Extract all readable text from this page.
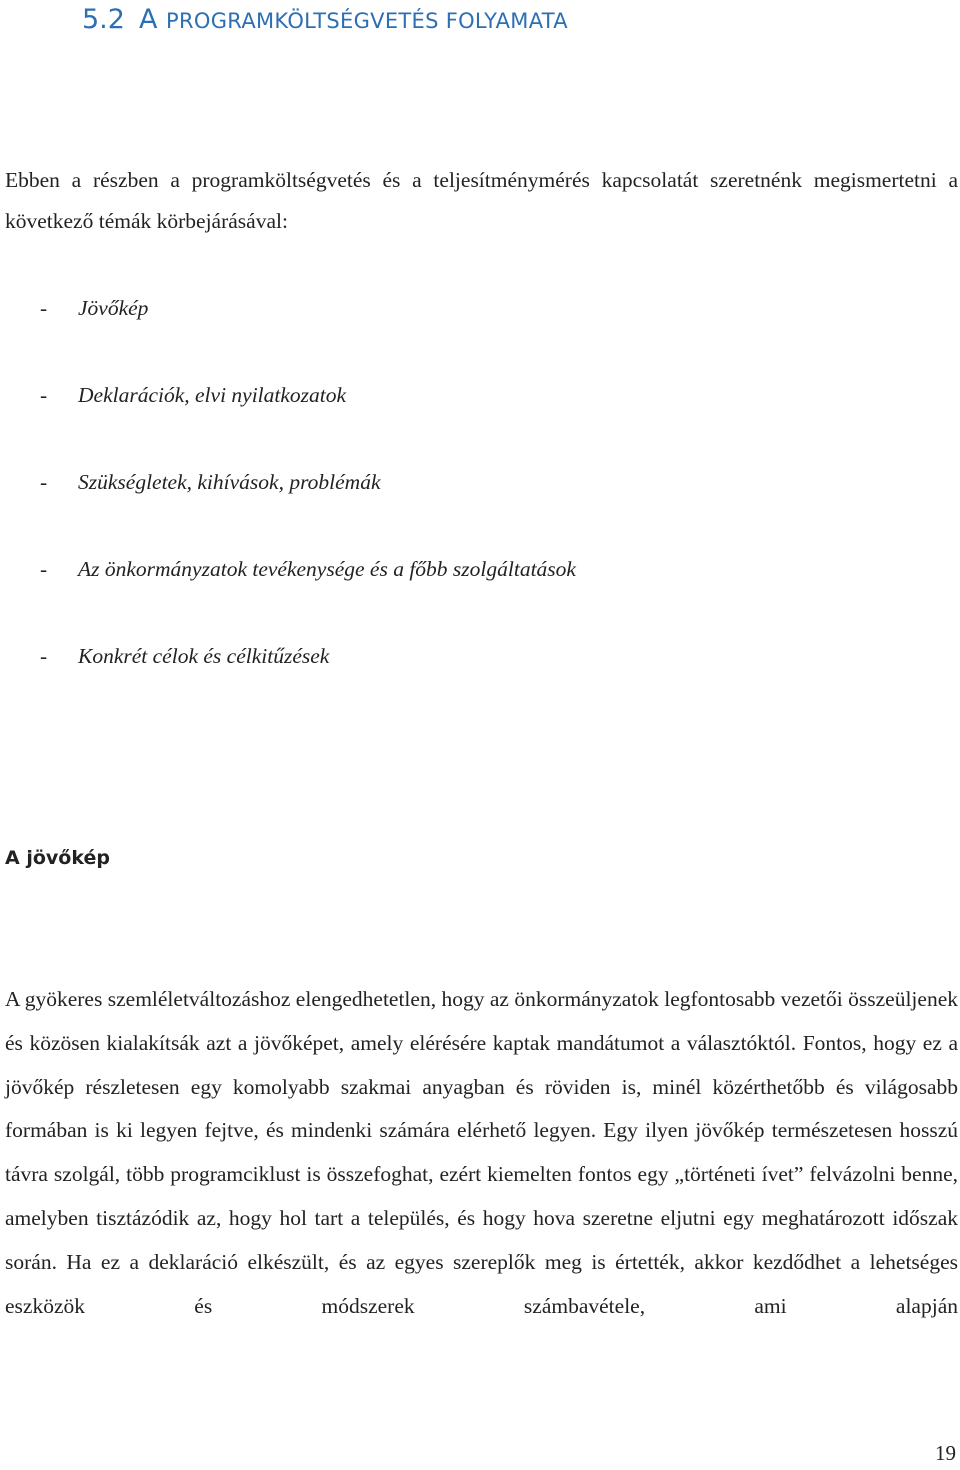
5.2 A PROGRAMKÖLTSÉGVETÉS FOLYAMATA

Ebben a részben a programköltségvetés és a teljesítménymérés kapcsolatát szeretnénk megismertetni a következő témák körbejárásával:

- Jövőkép
- Deklarációk, elvi nyilatkozatok
- Szükségletek, kihívások, problémák
- Az önkormányzatok tevékenysége és a főbb szolgáltatások
- Konkrét célok és célkitűzések
A jövőkép

A gyökeres szemléletváltozáshoz elengedhetetlen, hogy az önkormányzatok legfontosabb vezetői összeüljenek és közösen kialakítsák azt a jövőképet, amely elérésére kaptak mandátumot a választóktól. Fontos, hogy ez a jövőkép részletesen egy komolyabb szakmai anyagban és röviden is, minél közérthetőbb és világosabb formában is ki legyen fejtve, és mindenki számára elérhető legyen. Egy ilyen jövőkép természetesen hosszú távra szolgál, több programciklust is összefoghat, ezért kiemelten fontos egy „történeti ívet” felvázolni benne, amelyben tisztázódik az, hogy hol tart a település, és hogy hova szeretne eljutni egy meghatározott időszak során. Ha ez a deklaráció elkészült, és az egyes szereplők meg is értették, akkor kezdődhet a lehetséges eszközök és módszerek számbavétele, ami alapján

19
